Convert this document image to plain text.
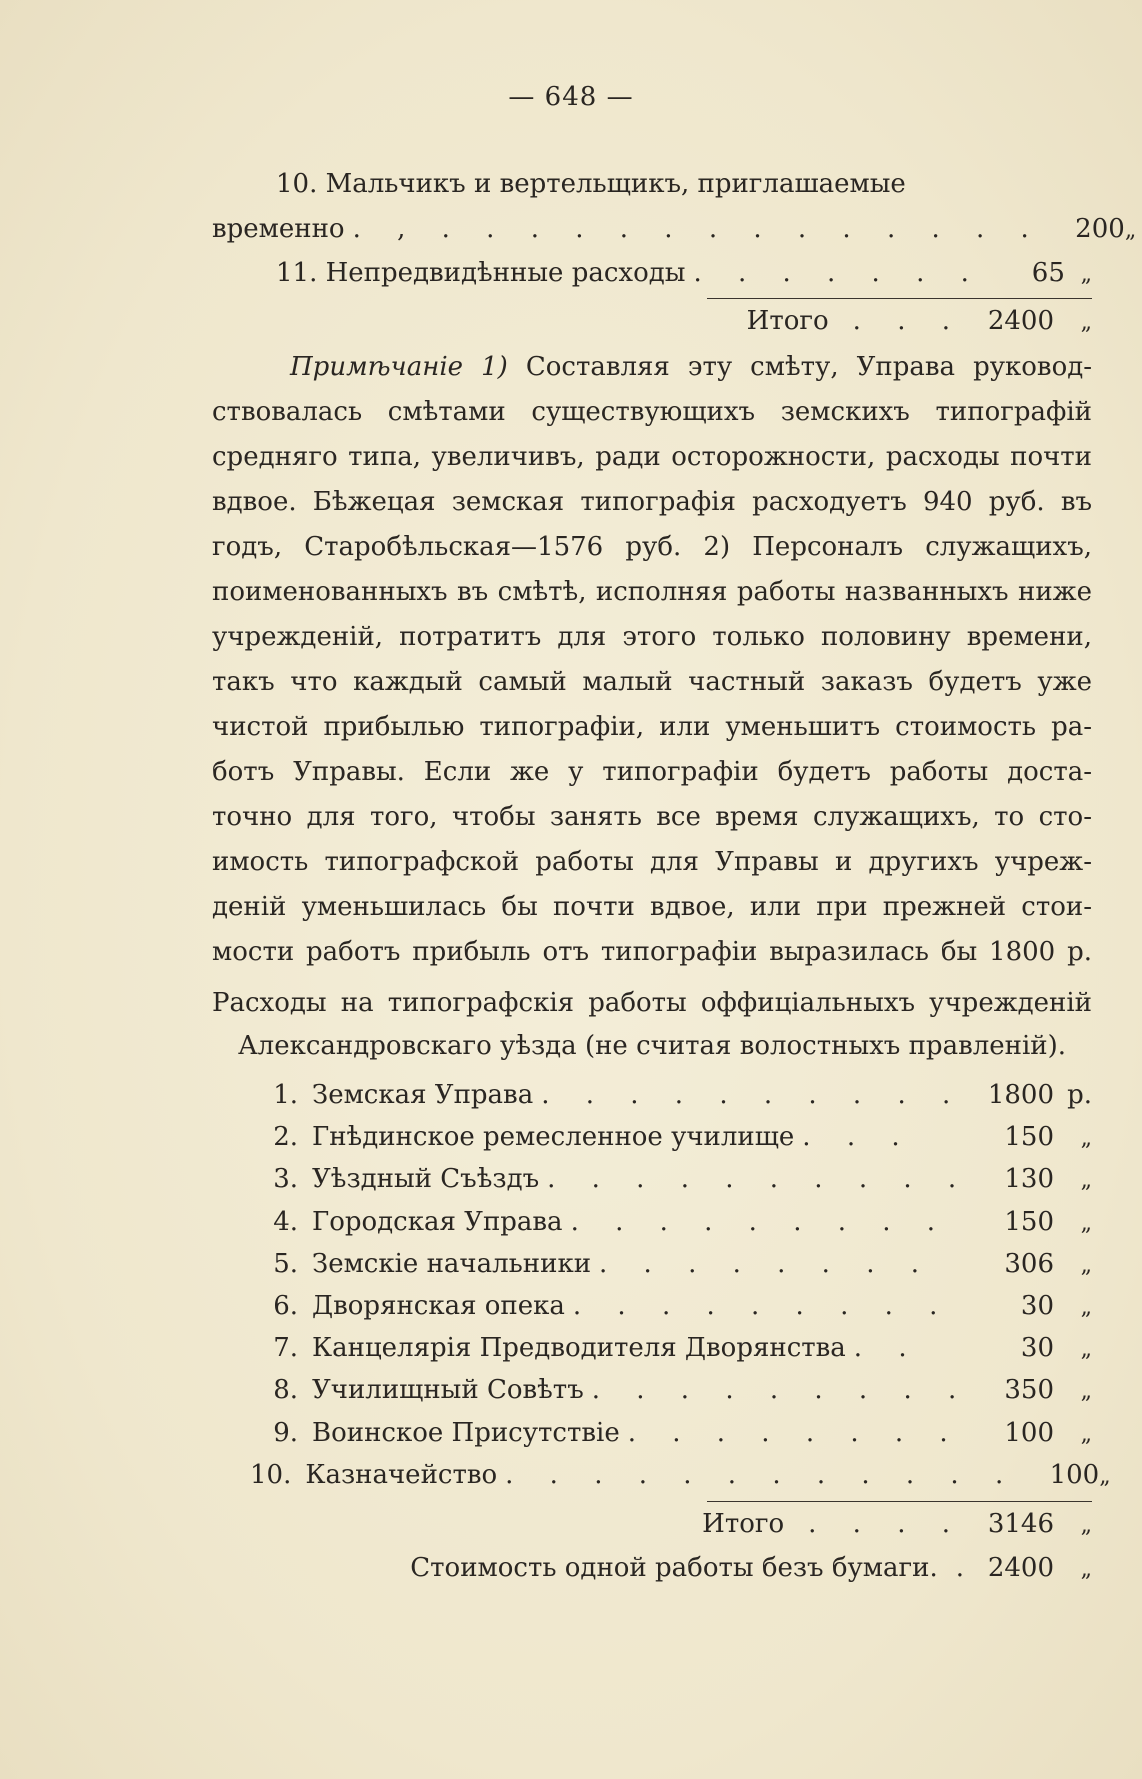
— 648 —
10. Мальчикъ и вертельщикъ, приглашаемые
временно . , . . . . . . . . . . . . . .	200 „
11. Непредвидѣнные расходы . . . . . . .	65 „
Итого . . . 2400	„
Примѣчаніе 1) Составляя эту смѣту, Управа руковод-
ствовалась смѣтами существующихъ земскихъ типографій
средняго типа, увеличивъ, ради осторожности, расходы почти
вдвое. Бѣжецая земская типографія расходуетъ 940 руб. въ
годъ, Старобѣльская—1576 руб. 2) Персоналъ служащихъ,
поименованныхъ въ смѣтѣ, исполняя работы названныхъ ниже
учрежденій, потратитъ для этого только половину времени,
такъ что каждый самый малый частный заказъ будетъ уже
чистой прибылью типографіи, или уменьшитъ стоимость ра-
ботъ Управы. Если же у типографіи будетъ работы доста-
точно для того, чтобы занять все время служащихъ, то сто-
имость типографской работы для Управы и другихъ учреж-
деній уменьшилась бы почти вдвое, или при прежней стои-
мости работъ прибыль отъ типографіи выразилась бы 1800 р.
Расходы на типографскія работы оффиціальныхъ учрежденій
Александровскаго уѣзда (не считая волостныхъ правленій).
1. Земская Управа . . . . . . . . . . 1800 р.
2. Гнѣдинское ремесленное училище . . .	150	„
3. Уѣздный Съѣздъ . . . . . . . . . .	130	„
4. Городская Управа . . . . . . . . .	150	„
5. Земскіе начальники . . . . . . . .	306	„
6. Дворянская опека . . . . . . . . .	30	„
7. Канцелярія Предводителя Дворянства . .	30	„
8. Училищный Совѣтъ . . . . . . . . .	350	„
9. Воинское Присутствіе . . . . . . . .	100	„
10. Казначейство . . . . . . . . . . . .	100 „
Итого . . . . 3146	„
Стоимость одной работы безъ бумаги. . 2400	„
